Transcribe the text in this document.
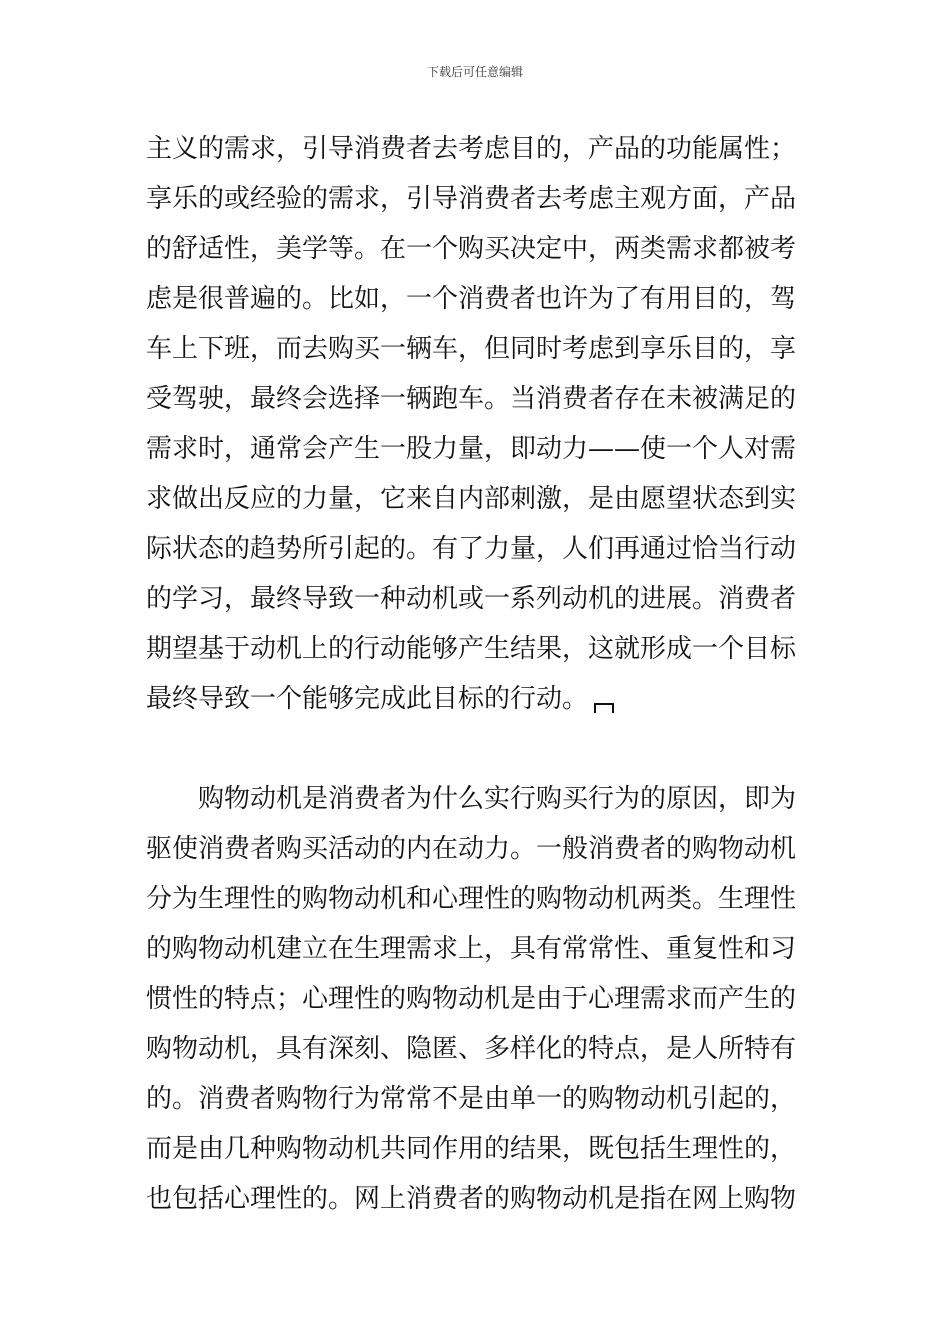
下载后可任意编辑
主义的需求，引导消费者去考虑目的，产品的功能属性；
享乐的或经验的需求，引导消费者去考虑主观方面，产品
的舒适性，美学等。在一个购买决定中，两类需求都被考
虑是很普遍的。比如，一个消费者也许为了有用目的，驾
车上下班，而去购买一辆车，但同时考虑到享乐目的，享
受驾驶，最终会选择一辆跑车。当消费者存在未被满足的
需求时，通常会产生一股力量，即动力——使一个人对需
求做出反应的力量，它来自内部刺激，是由愿望状态到实
际状态的趋势所引起的。有了力量，人们再通过恰当行动
的学习，最终导致一种动机或一系列动机的进展。消费者
期望基于动机上的行动能够产生结果，这就形成一个目标
最终导致一个能够完成此目标的行动。
购物动机是消费者为什么实行购买行为的原因，即为
驱使消费者购买活动的内在动力。一般消费者的购物动机
分为生理性的购物动机和心理性的购物动机两类。生理性
的购物动机建立在生理需求上，具有常常性、重复性和习
惯性的特点；心理性的购物动机是由于心理需求而产生的
购物动机，具有深刻、隐匿、多样化的特点，是人所特有
的。消费者购物行为常常不是由单一的购物动机引起的，
而是由几种购物动机共同作用的结果，既包括生理性的，
也包括心理性的。网上消费者的购物动机是指在网上购物
